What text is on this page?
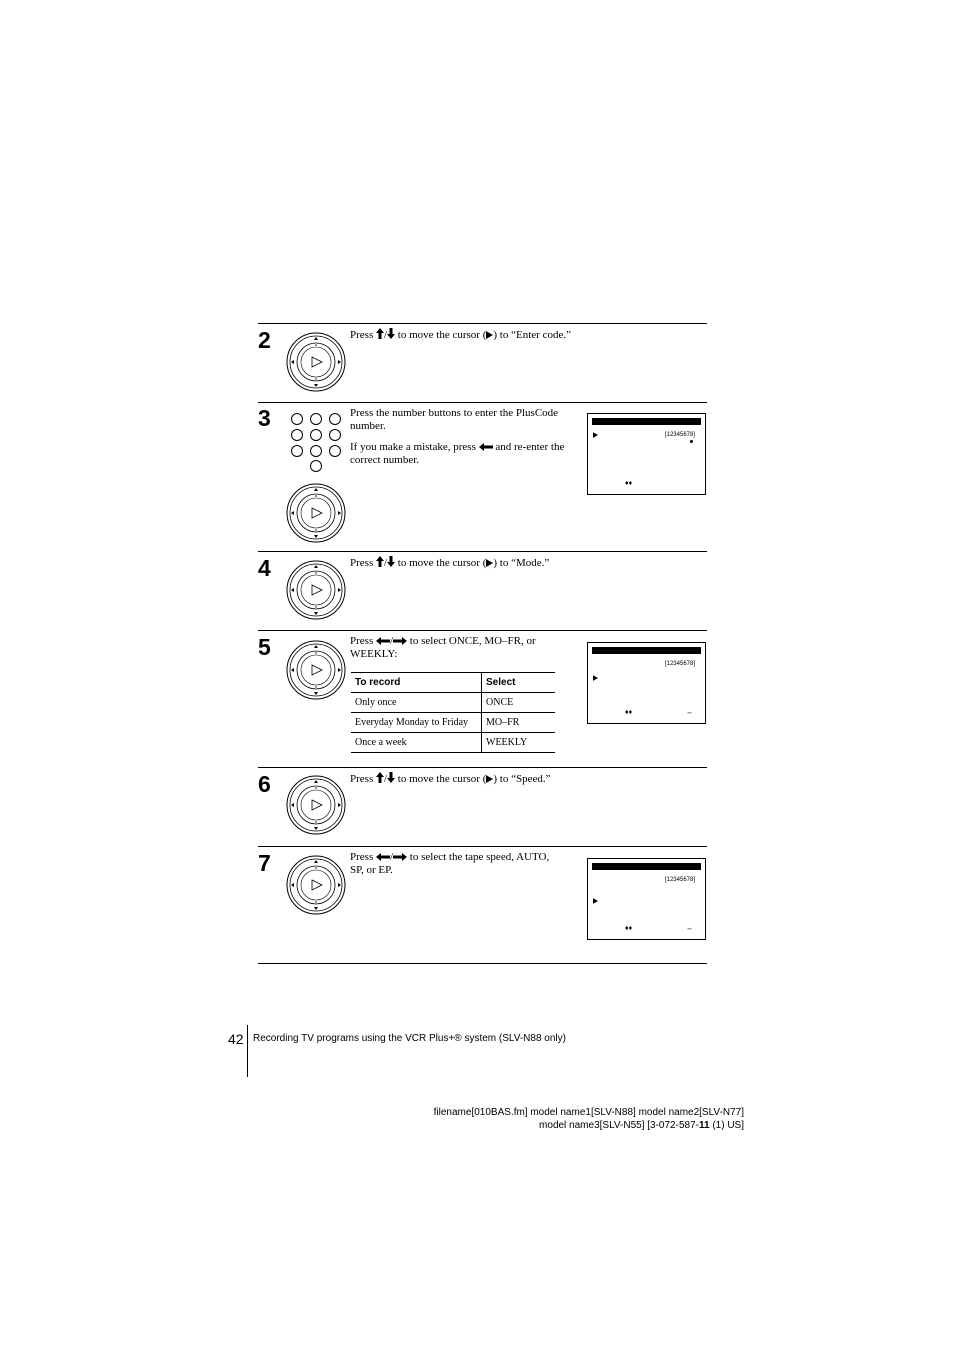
2	Press / to move the cursor ( ) to “Enter code.”
3	Press the number buttons to enter the PlusCode number.

If you make a mistake, press  and re-enter the correct number.

[12345678]
♦♦
4	Press / to move the cursor ( ) to “Mode.”
5	Press / to select ONCE, MO–FR, or WEEKLY:
To record	Select
Only once	ONCE
Everyday Monday to Friday	MO–FR
Once a week	WEEKLY
[12345678]
♦♦	↔
6	Press / to move the cursor ( ) to “Speed.”
7	Press / to select the tape speed, AUTO, SP, or EP.
[12345678]
♦♦	↔
42 Recording TV programs using the VCR Plus+® system (SLV-N88 only)
filename[010BAS.fm] model name1[SLV-N88] model name2[SLV-N77]
model name3[SLV-N55] [3-072-587-11 (1) US]
